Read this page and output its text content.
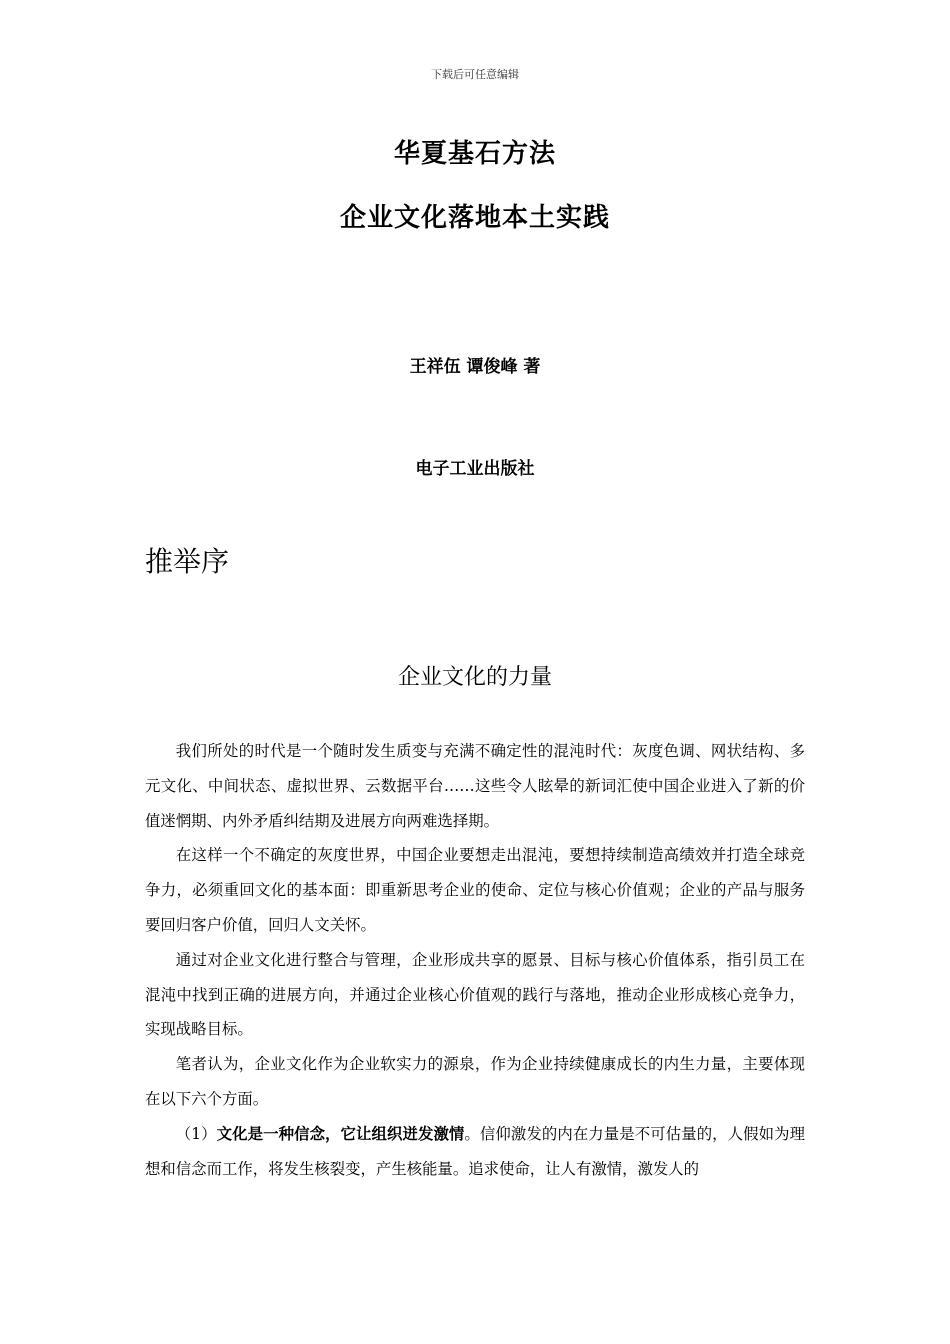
下载后可任意编辑
华夏基石方法
企业文化落地本土实践
王祥伍 谭俊峰 著
电子工业出版社
推举序
企业文化的力量

我们所处的时代是一个随时发生质变与充满不确定性的混沌时代：灰度色调、网状结构、多元文化、中间状态、虚拟世界、云数据平台……这些令人眩晕的新词汇使中国企业进入了新的价值迷惘期、内外矛盾纠结期及进展方向两难选择期。

在这样一个不确定的灰度世界，中国企业要想走出混沌，要想持续制造高绩效并打造全球竞争力，必须重回文化的基本面：即重新思考企业的使命、定位与核心价值观；企业的产品与服务要回归客户价值，回归人文关怀。

通过对企业文化进行整合与管理，企业形成共享的愿景、目标与核心价值体系，指引员工在混沌中找到正确的进展方向，并通过企业核心价值观的践行与落地，推动企业形成核心竞争力，实现战略目标。

笔者认为，企业文化作为企业软实力的源泉，作为企业持续健康成长的内生力量，主要体现在以下六个方面。

（1）文化是一种信念，它让组织迸发激情。信仰激发的内在力量是不可估量的，人假如为理想和信念而工作，将发生核裂变，产生核能量。追求使命，让人有激情，激发人的
